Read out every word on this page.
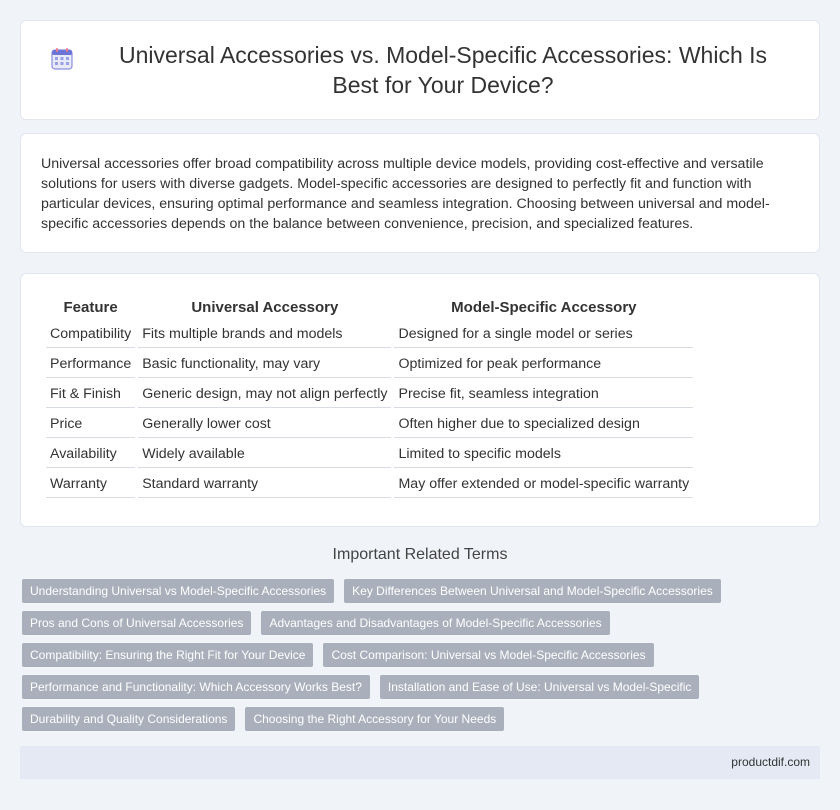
Universal Accessories vs. Model-Specific Accessories: Which Is Best for Your Device?

Universal accessories offer broad compatibility across multiple device models, providing cost-effective and versatile solutions for users with diverse gadgets. Model-specific accessories are designed to perfectly fit and function with particular devices, ensuring optimal performance and seamless integration. Choosing between universal and model-specific accessories depends on the balance between convenience, precision, and specialized features.

Feature	Universal Accessory	Model-Specific Accessory
Compatibility	Fits multiple brands and models	Designed for a single model or series
Performance	Basic functionality, may vary	Optimized for peak performance
Fit & Finish	Generic design, may not align perfectly	Precise fit, seamless integration
Price	Generally lower cost	Often higher due to specialized design
Availability	Widely available	Limited to specific models
Warranty	Standard warranty	May offer extended or model-specific warranty
Important Related Terms
Understanding Universal vs Model-Specific Accessories	Key Differences Between Universal and Model-Specific Accessories
Pros and Cons of Universal Accessories	Advantages and Disadvantages of Model-Specific Accessories
Compatibility: Ensuring the Right Fit for Your Device	Cost Comparison: Universal vs Model-Specific Accessories
Performance and Functionality: Which Accessory Works Best?	Installation and Ease of Use: Universal vs Model-Specific
Durability and Quality Considerations	Choosing the Right Accessory for Your Needs
productdif.com
